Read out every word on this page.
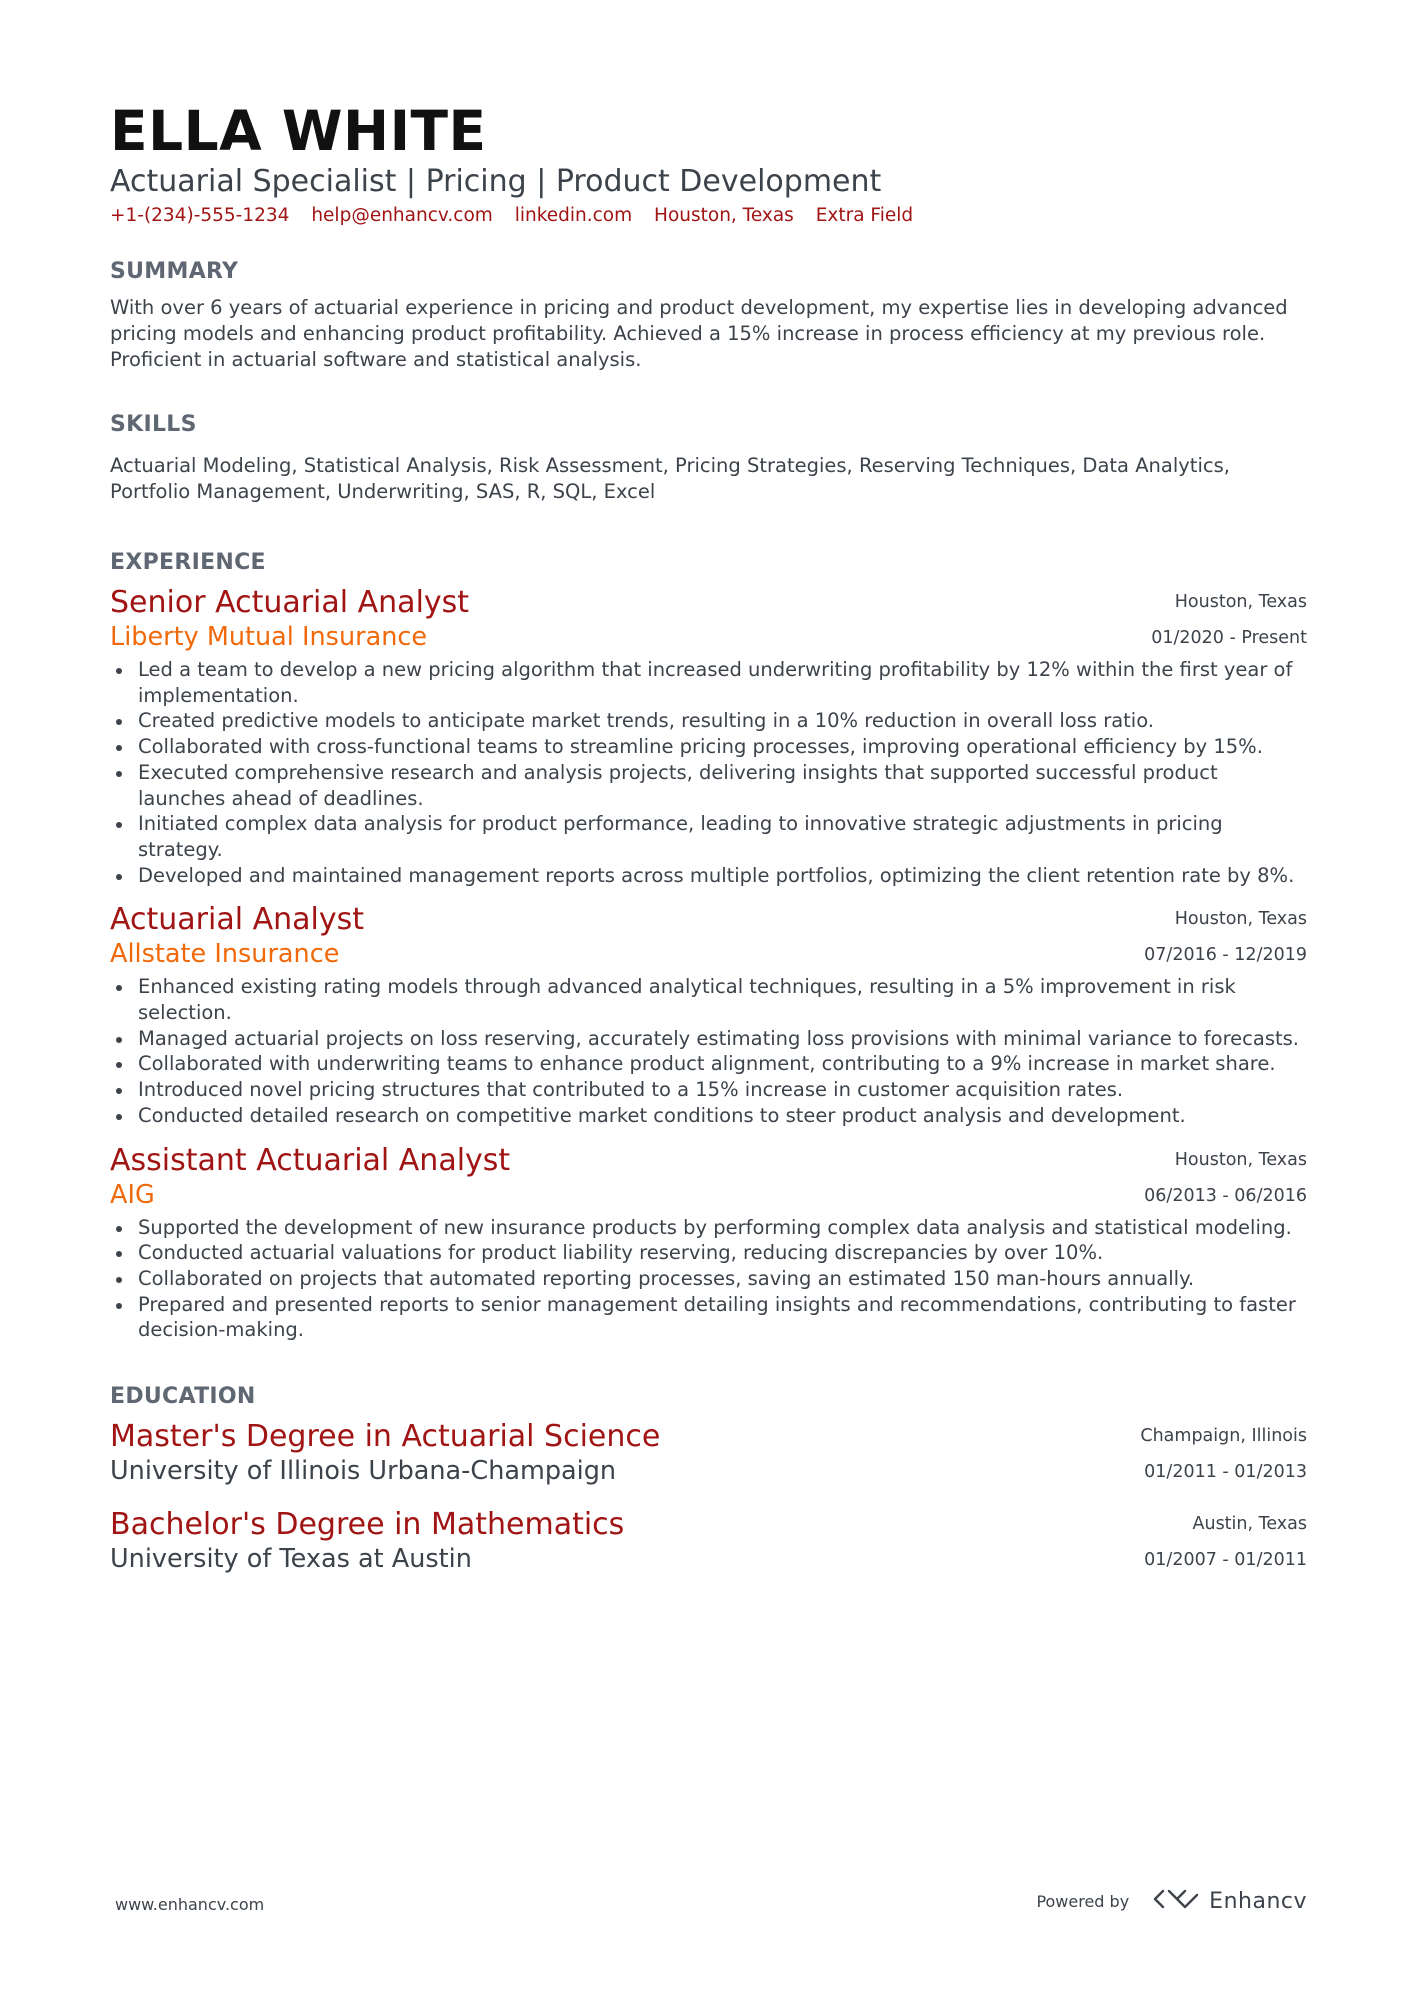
ELLA WHITE
Actuarial Specialist | Pricing | Product Development
+1-(234)-555-1234 help@enhancv.com linkedin.com Houston, Texas Extra Field
SUMMARY
With over 6 years of actuarial experience in pricing and product development, my expertise lies in developing advanced pricing models and enhancing product profitability. Achieved a 15% increase in process efficiency at my previous role. Proficient in actuarial software and statistical analysis.
SKILLS
Actuarial Modeling, Statistical Analysis, Risk Assessment, Pricing Strategies, Reserving Techniques, Data Analytics, Portfolio Management, Underwriting, SAS, R, SQL, Excel
EXPERIENCE
Senior Actuarial Analyst
Liberty Mutual Insurance
Houston, Texas
01/2020 - Present
Led a team to develop a new pricing algorithm that increased underwriting profitability by 12% within the first year of implementation.
Created predictive models to anticipate market trends, resulting in a 10% reduction in overall loss ratio.
Collaborated with cross-functional teams to streamline pricing processes, improving operational efficiency by 15%.
Executed comprehensive research and analysis projects, delivering insights that supported successful product launches ahead of deadlines.
Initiated complex data analysis for product performance, leading to innovative strategic adjustments in pricing strategy.
Developed and maintained management reports across multiple portfolios, optimizing the client retention rate by 8%.
Actuarial Analyst
Allstate Insurance
Houston, Texas
07/2016 - 12/2019
Enhanced existing rating models through advanced analytical techniques, resulting in a 5% improvement in risk selection.
Managed actuarial projects on loss reserving, accurately estimating loss provisions with minimal variance to forecasts.
Collaborated with underwriting teams to enhance product alignment, contributing to a 9% increase in market share.
Introduced novel pricing structures that contributed to a 15% increase in customer acquisition rates.
Conducted detailed research on competitive market conditions to steer product analysis and development.
Assistant Actuarial Analyst
AIG
Houston, Texas
06/2013 - 06/2016
Supported the development of new insurance products by performing complex data analysis and statistical modeling.
Conducted actuarial valuations for product liability reserving, reducing discrepancies by over 10%.
Collaborated on projects that automated reporting processes, saving an estimated 150 man-hours annually.
Prepared and presented reports to senior management detailing insights and recommendations, contributing to faster decision-making.
EDUCATION
Master's Degree in Actuarial Science
University of Illinois Urbana-Champaign
Champaign, Illinois
01/2011 - 01/2013
Bachelor's Degree in Mathematics
University of Texas at Austin
Austin, Texas
01/2007 - 01/2011
www.enhancv.com	Powered by	Enhancv
